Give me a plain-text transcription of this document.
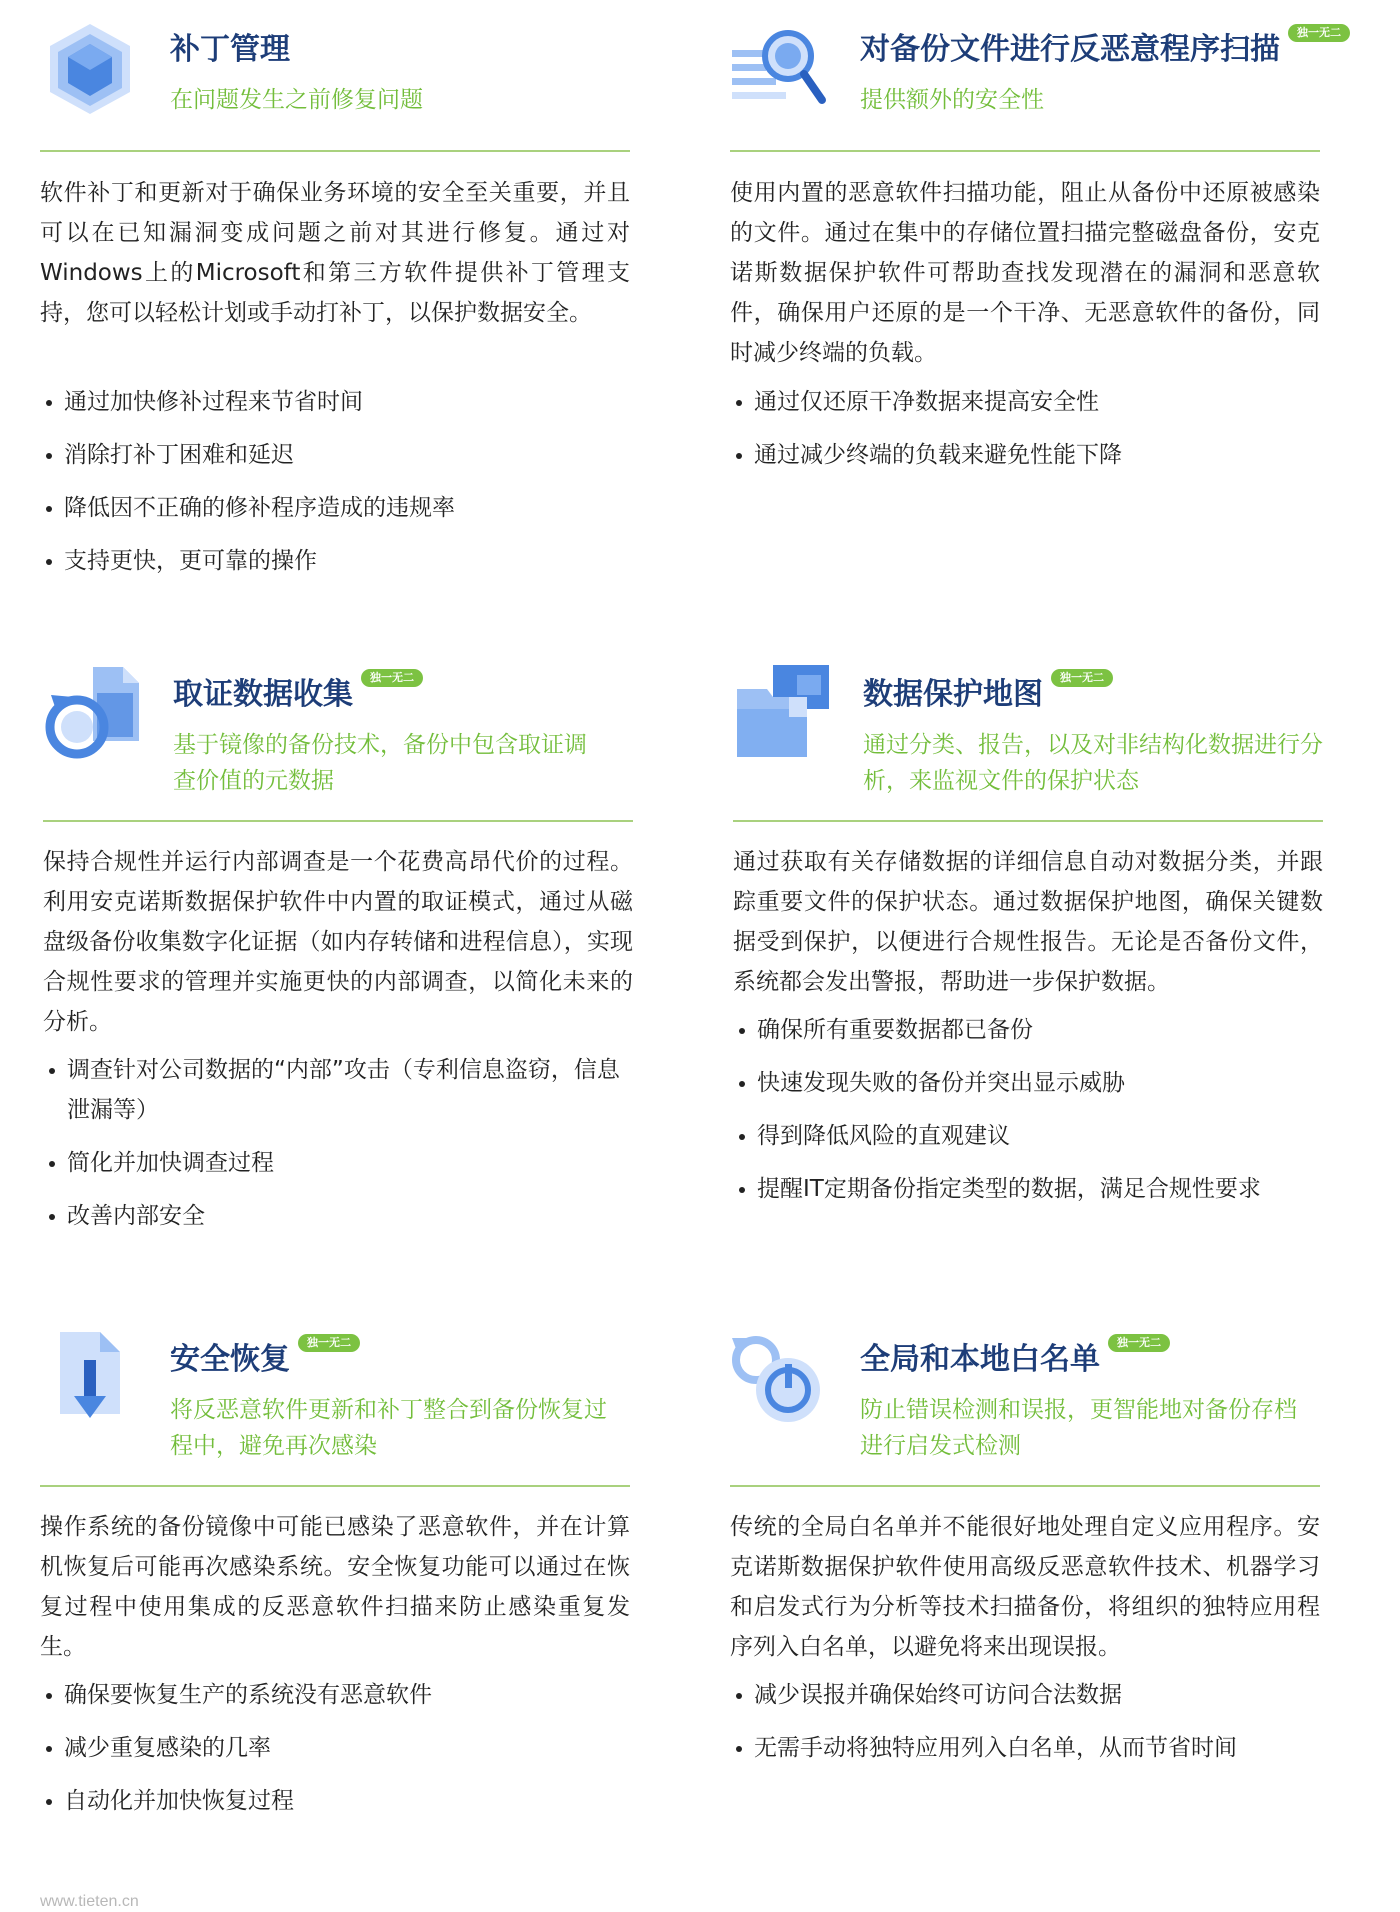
补丁管理
在问题发生之前修复问题
软件补丁和更新对于确保业务环境的安全至关重要，并且可以在已知漏洞变成问题之前对其进行修复。通过对Windows上的Microsoft和第三方软件提供补丁管理支持，您可以轻松计划或手动打补丁，以保护数据安全。
通过加快修补过程来节省时间
消除打补丁困难和延迟
降低因不正确的修补程序造成的违规率
支持更快，更可靠的操作
对备份文件进行反恶意程序扫描	独一无二
提供额外的安全性
使用内置的恶意软件扫描功能，阻止从备份中还原被感染的文件。通过在集中的存储位置扫描完整磁盘备份，安克诺斯数据保护软件可帮助查找发现潜在的漏洞和恶意软件，确保用户还原的是一个干净、无恶意软件的备份，同时减少终端的负载。
通过仅还原干净数据来提高安全性
通过减少终端的负载来避免性能下降
取证数据收集	独一无二
基于镜像的备份技术，备份中包含取证调查价值的元数据
保持合规性并运行内部调查是一个花费高昂代价的过程。利用安克诺斯数据保护软件中内置的取证模式，通过从磁盘级备份收集数字化证据（如内存转储和进程信息），实现合规性要求的管理并实施更快的内部调查，以简化未来的分析。
调查针对公司数据的“内部”攻击（专利信息盗窃，信息泄漏等）
简化并加快调查过程
改善内部安全
数据保护地图	独一无二
通过分类、报告，以及对非结构化数据进行分析，来监视文件的保护状态
通过获取有关存储数据的详细信息自动对数据分类，并跟踪重要文件的保护状态。通过数据保护地图，确保关键数据受到保护，以便进行合规性报告。无论是否备份文件，系统都会发出警报，帮助进一步保护数据。
确保所有重要数据都已备份
快速发现失败的备份并突出显示威胁
得到降低风险的直观建议
提醒IT定期备份指定类型的数据，满足合规性要求
安全恢复	独一无二
将反恶意软件更新和补丁整合到备份恢复过程中，避免再次感染
操作系统的备份镜像中可能已感染了恶意软件，并在计算机恢复后可能再次感染系统。安全恢复功能可以通过在恢复过程中使用集成的反恶意软件扫描来防止感染重复发生。
确保要恢复生产的系统没有恶意软件
减少重复感染的几率
自动化并加快恢复过程
全局和本地白名单	独一无二
防止错误检测和误报，更智能地对备份存档进行启发式检测
传统的全局白名单并不能很好地处理自定义应用程序。安克诺斯数据保护软件使用高级反恶意软件技术、机器学习和启发式行为分析等技术扫描备份，将组织的独特应用程序列入白名单，以避免将来出现误报。
减少误报并确保始终可访问合法数据
无需手动将独特应用列入白名单，从而节省时间
www.tieten.cn
